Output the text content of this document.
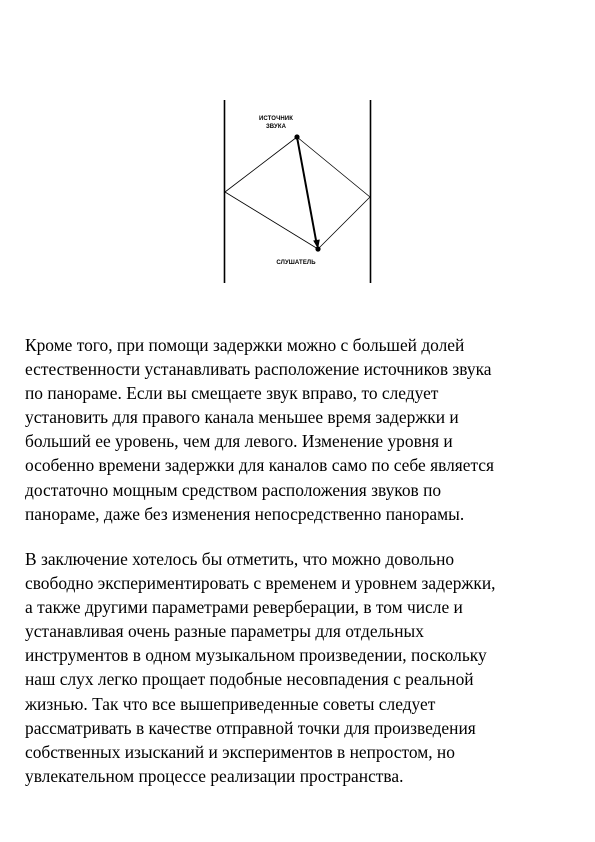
ИСТОЧНИК
ЗВУКА
СЛУШАТЕЛЬ
Кроме того, при помощи задержки можно с большей долей
естественности устанавливать расположение источников звука
по панораме. Если вы смещаете звук вправо, то следует
установить для правого канала меньшее время задержки и
больший ее уровень, чем для левого. Изменение уровня и
особенно времени задержки для каналов само по себе является
достаточно мощным средством расположения звуков по
панораме, даже без изменения непосредственно панорамы.
В заключение хотелось бы отметить, что можно довольно
свободно экспериментировать с временем и уровнем задержки,
а также другими параметрами реверберации, в том числе и
устанавливая очень разные параметры для отдельных
инструментов в одном музыкальном произведении, поскольку
наш слух легко прощает подобные несовпадения с реальной
жизнью. Так что все вышеприведенные советы следует
рассматривать в качестве отправной точки для произведения
собственных изысканий и экспериментов в непростом, но
увлекательном процессе реализации пространства.
